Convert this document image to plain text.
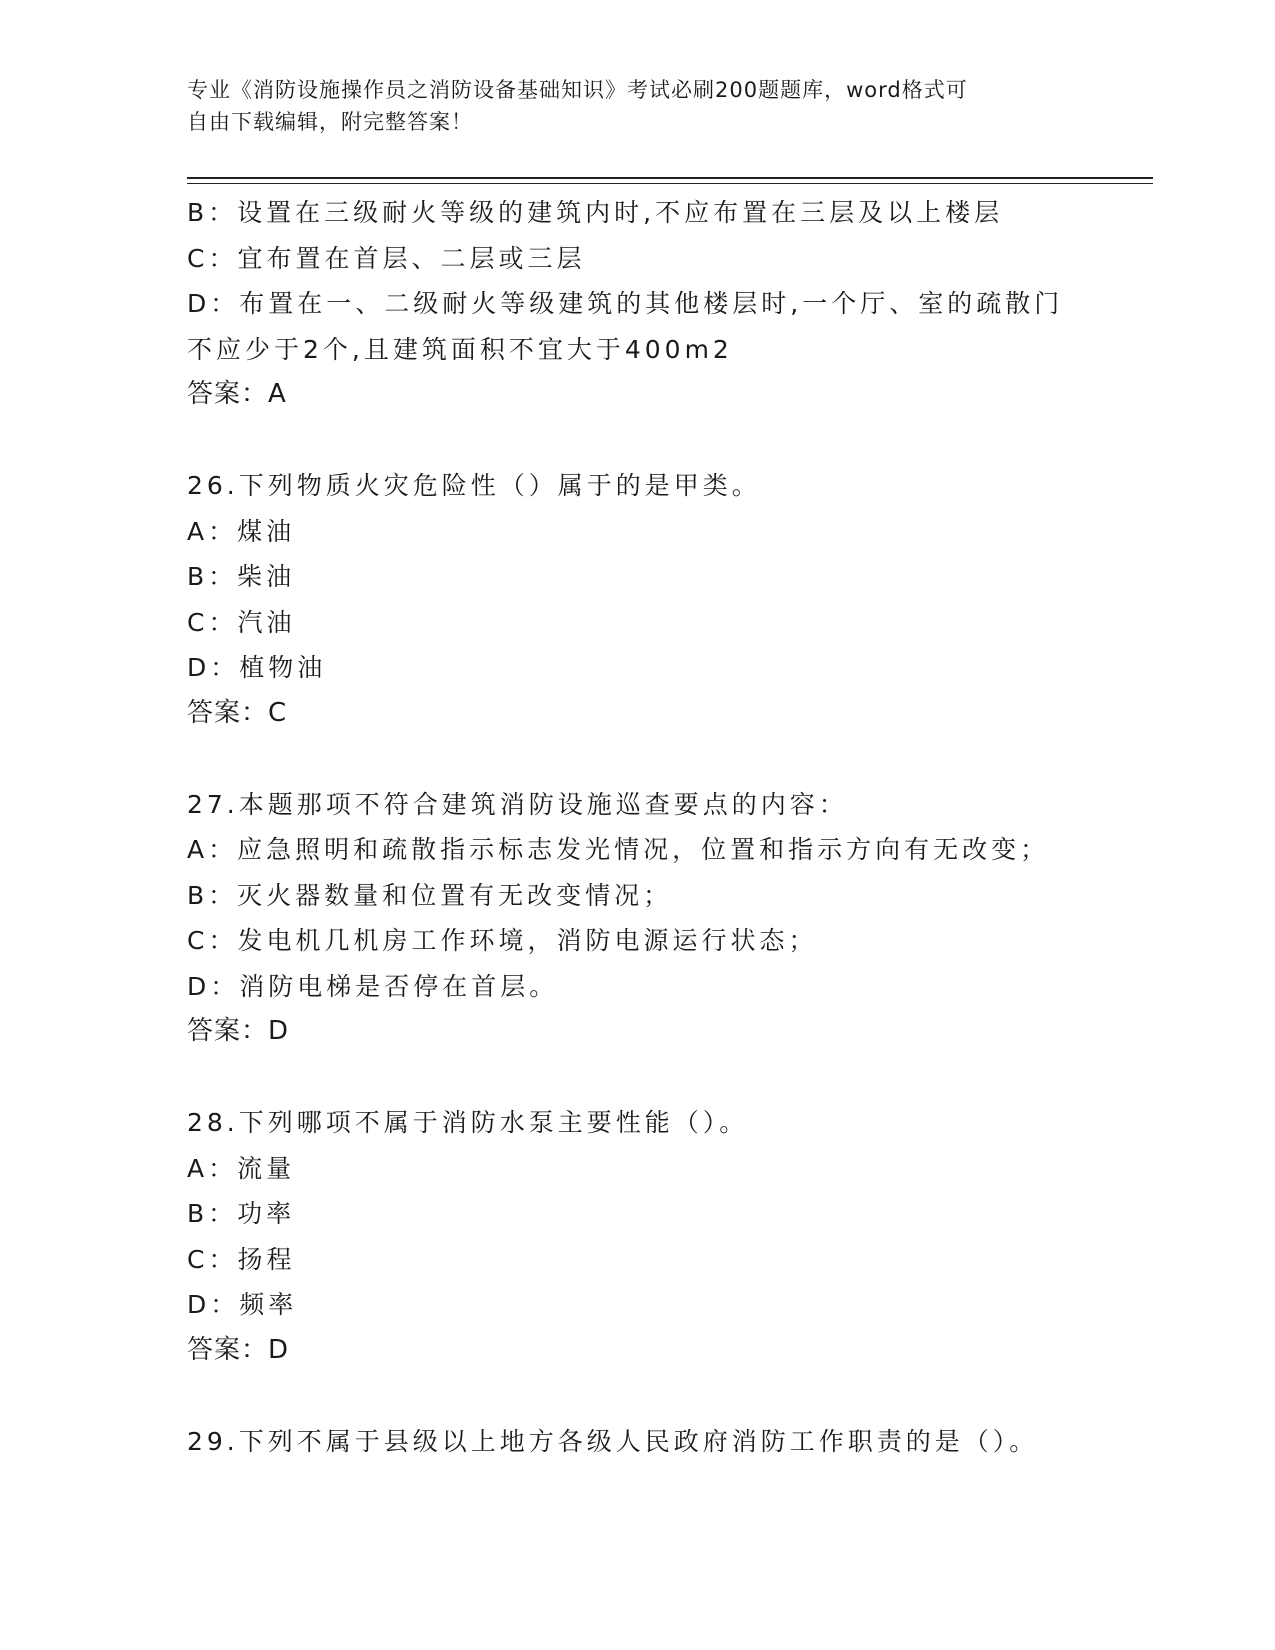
专业《消防设施操作员之消防设备基础知识》考试必刷200题题库，word格式可
自由下载编辑，附完整答案！
B：设置在三级耐火等级的建筑内时,不应布置在三层及以上楼层
C：宜布置在首层、二层或三层
D：布置在一、二级耐火等级建筑的其他楼层时,一个厅、室的疏散门
不应少于2个,且建筑面积不宜大于400m2
答案：A
26.下列物质火灾危险性（）属于的是甲类。
A：煤油
B：柴油
C：汽油
D：植物油
答案：C
27.本题那项不符合建筑消防设施巡查要点的内容：
A：应急照明和疏散指示标志发光情况，位置和指示方向有无改变；
B：灭火器数量和位置有无改变情况；
C：发电机几机房工作环境，消防电源运行状态；
D：消防电梯是否停在首层。
答案：D
28.下列哪项不属于消防水泵主要性能（）。
A：流量
B：功率
C：扬程
D：频率
答案：D
29.下列不属于县级以上地方各级人民政府消防工作职责的是（）。
